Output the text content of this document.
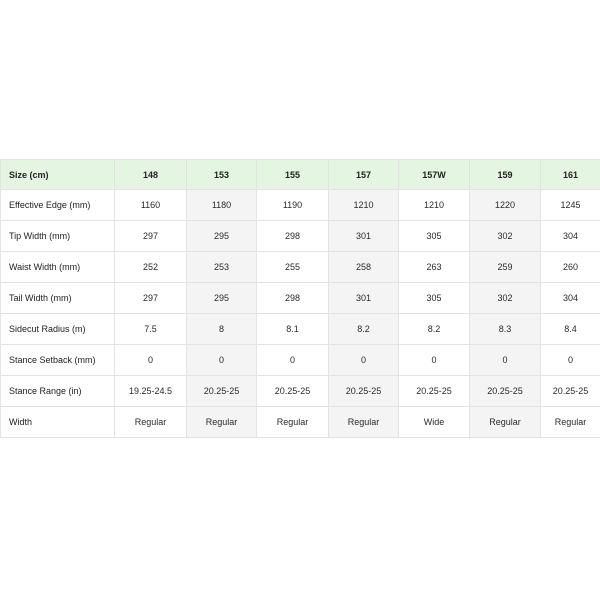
Size (cm)	148	153	155	157	157W	159	161
Effective Edge (mm)	1160	1180	1190	1210	1210	1220	1245
Tip Width (mm)	297	295	298	301	305	302	304
Waist Width (mm)	252	253	255	258	263	259	260
Tail Width (mm)	297	295	298	301	305	302	304
Sidecut Radius (m)	7.5	8	8.1	8.2	8.2	8.3	8.4
Stance Setback (mm)	0	0	0	0	0	0	0
Stance Range (in)	19.25-24.5	20.25-25	20.25-25	20.25-25	20.25-25	20.25-25	20.25-25
Width	Regular	Regular	Regular	Regular	Wide	Regular	Regular
